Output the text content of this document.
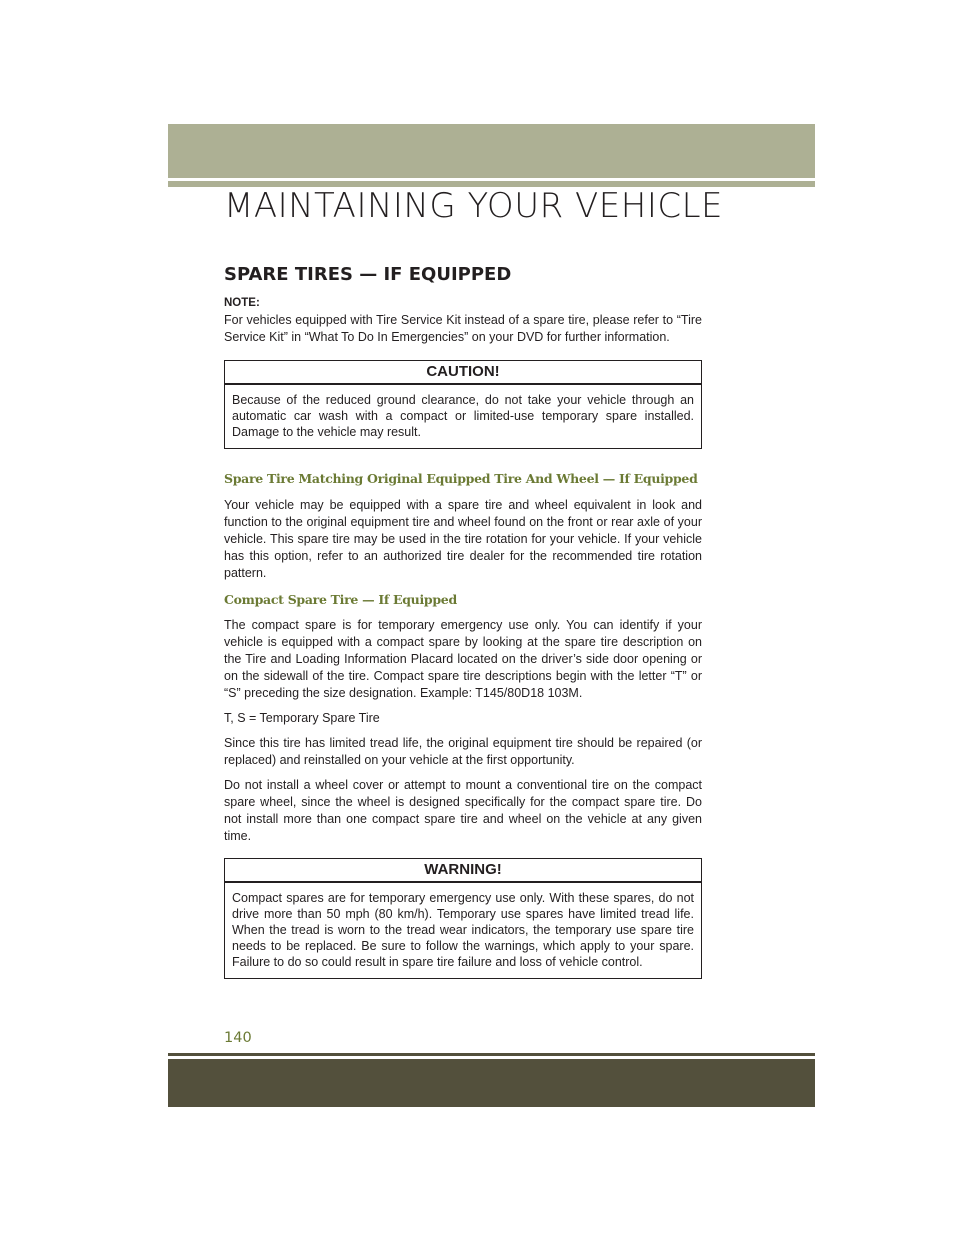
MAINTAINING YOUR VEHICLE
SPARE TIRES — IF EQUIPPED
NOTE:

For vehicles equipped with Tire Service Kit instead of a spare tire, please refer to “Tire Service Kit” in “What To Do In Emergencies” on your DVD for further information.

CAUTION!
Because of the reduced ground clearance, do not take your vehicle through an automatic car wash with a compact or limited-use temporary spare installed. Damage to the vehicle may result.
Spare Tire Matching Original Equipped Tire And Wheel — If Equipped

Your vehicle may be equipped with a spare tire and wheel equivalent in look and function to the original equipment tire and wheel found on the front or rear axle of your vehicle. This spare tire may be used in the tire rotation for your vehicle. If your vehicle has this option, refer to an authorized tire dealer for the recommended tire rotation pattern.

Compact Spare Tire — If Equipped

The compact spare is for temporary emergency use only. You can identify if your vehicle is equipped with a compact spare by looking at the spare tire description on the Tire and Loading Information Placard located on the driver’s side door opening or on the sidewall of the tire. Compact spare tire descriptions begin with the letter “T” or “S” preceding the size designation. Example: T145/80D18 103M.

T, S = Temporary Spare Tire

Since this tire has limited tread life, the original equipment tire should be repaired (or replaced) and reinstalled on your vehicle at the first opportunity.

Do not install a wheel cover or attempt to mount a conventional tire on the compact spare wheel, since the wheel is designed specifically for the compact spare tire. Do not install more than one compact spare tire and wheel on the vehicle at any given time.

WARNING!
Compact spares are for temporary emergency use only. With these spares, do not drive more than 50 mph (80 km/h). Temporary use spares have limited tread life. When the tread is worn to the tread wear indicators, the temporary use spare tire needs to be replaced. Be sure to follow the warnings, which apply to your spare. Failure to do so could result in spare tire failure and loss of vehicle control.
140
